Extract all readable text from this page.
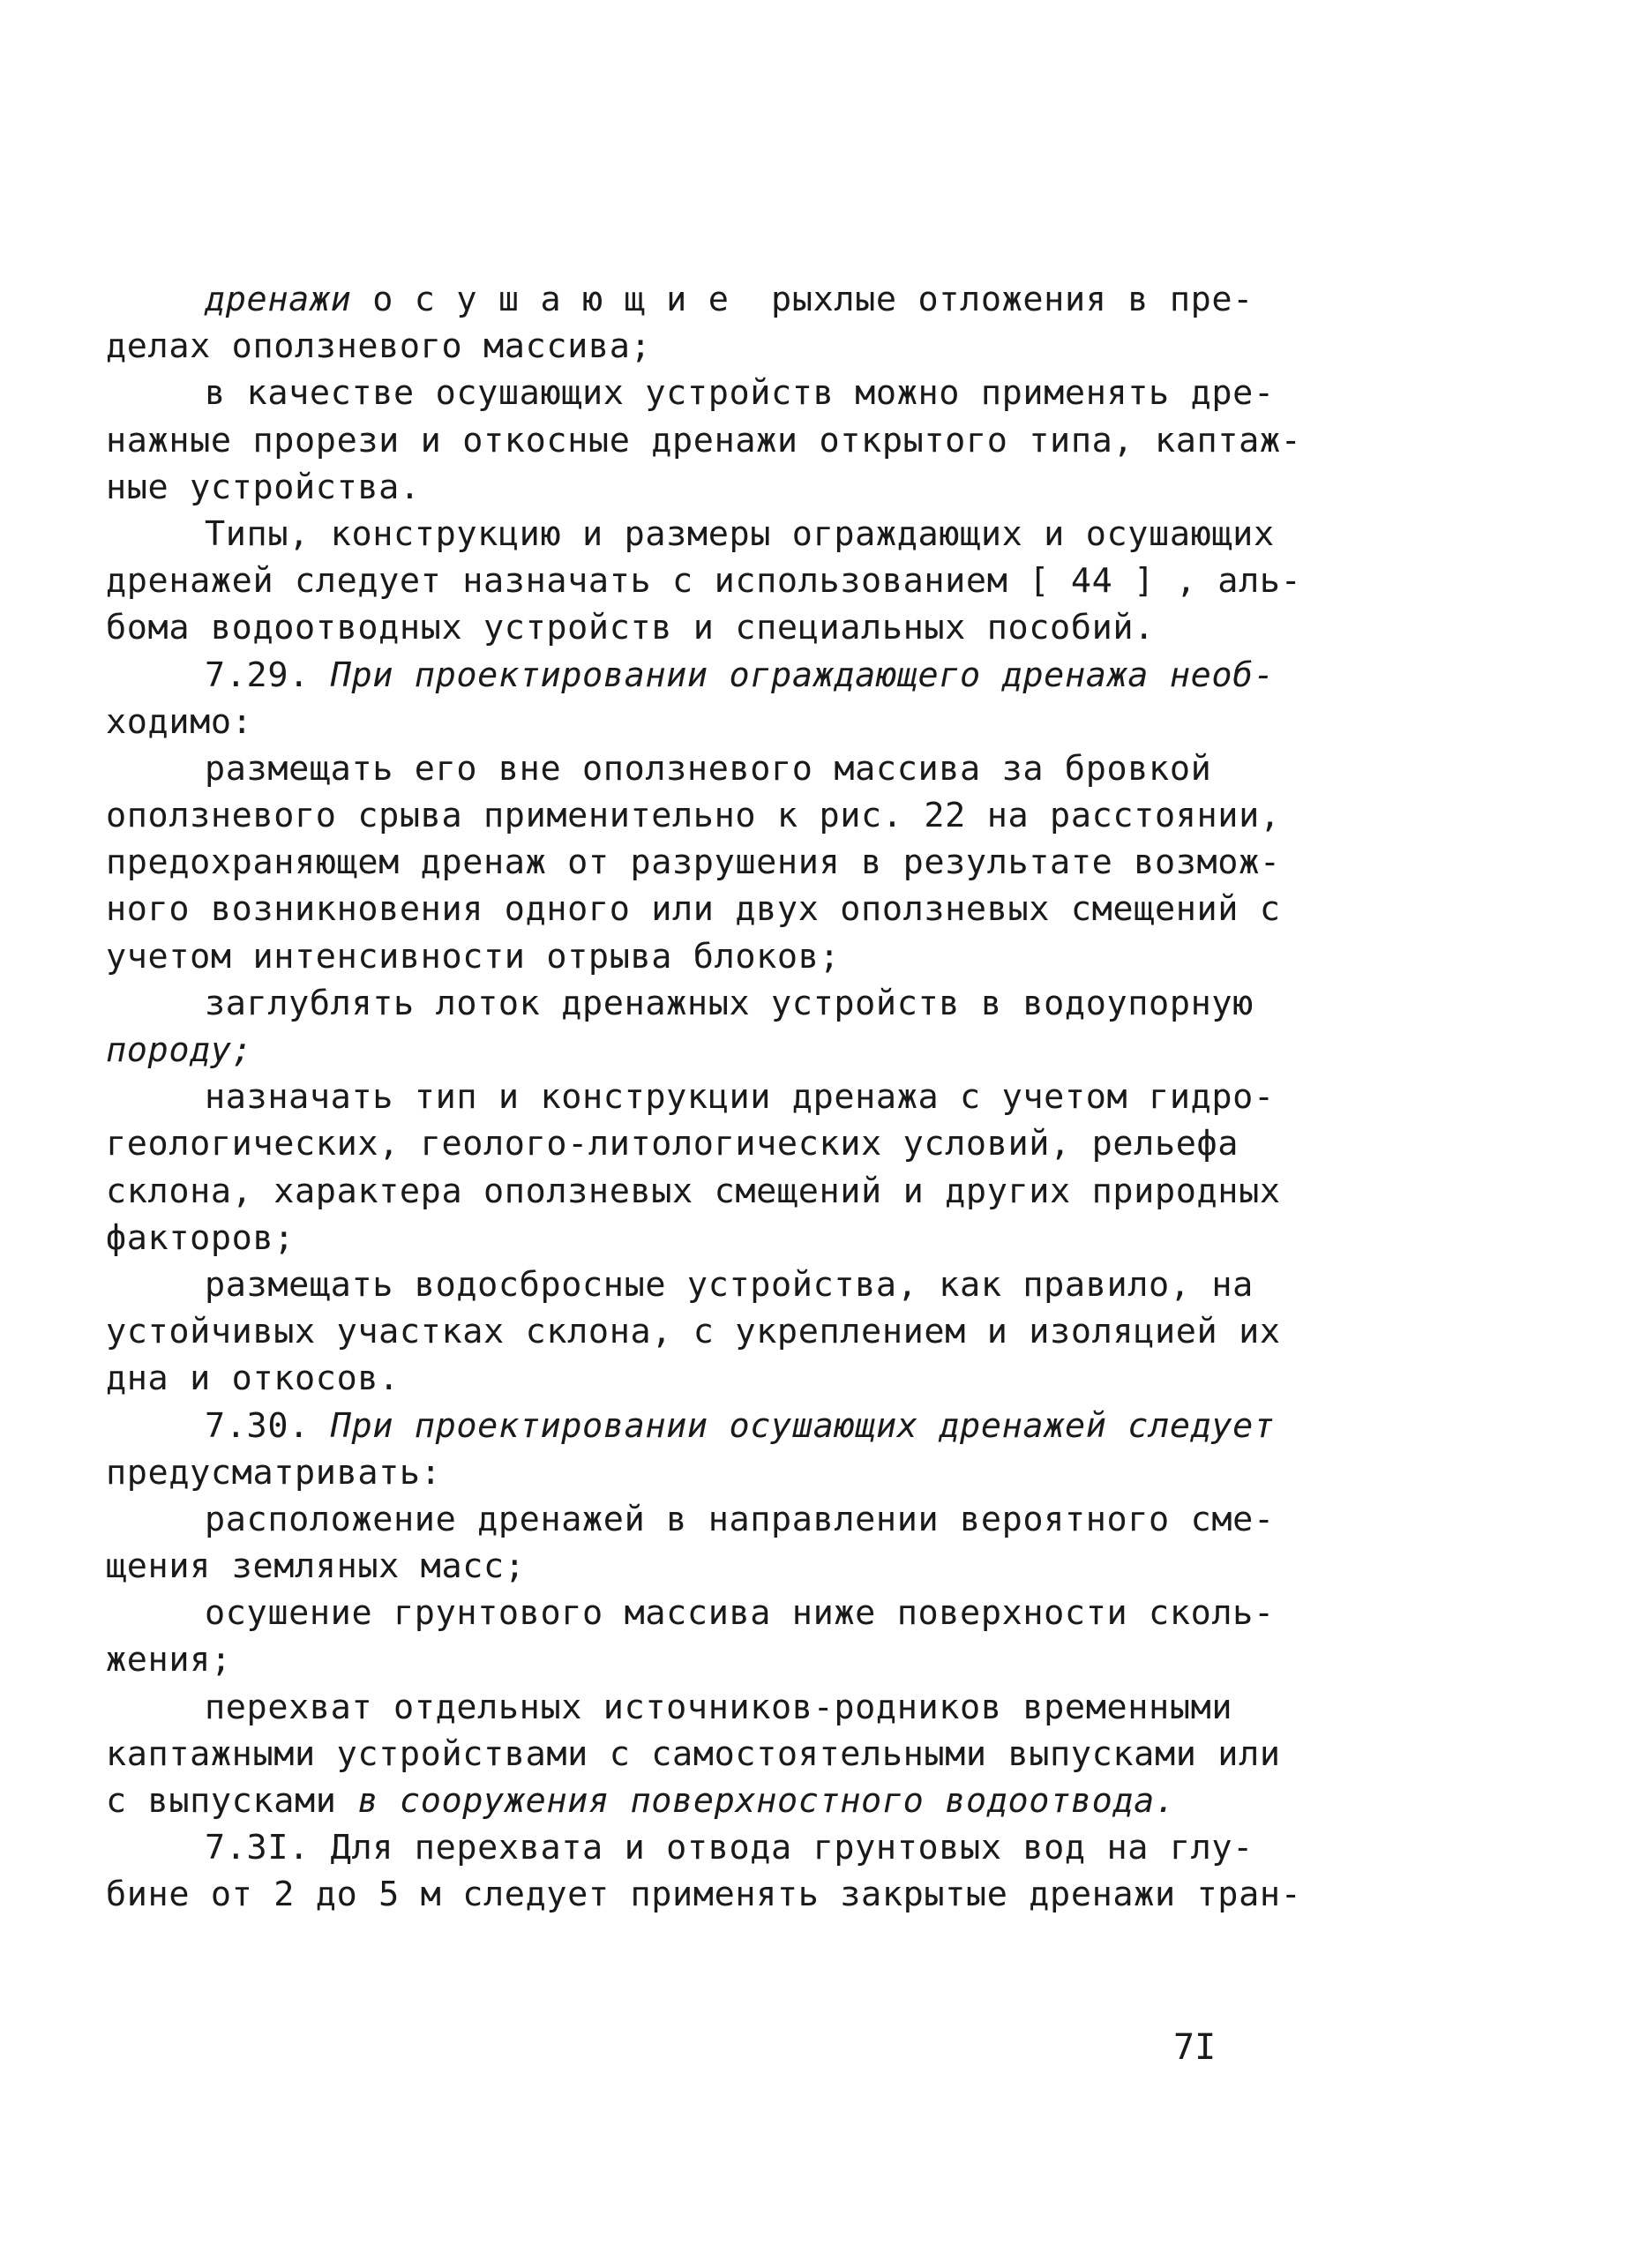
дренажи о с у ш а ю щ и е  рыхлые отложения в пре-
делах оползневого массива;
в качестве осушающих устройств можно применять дре-
нажные прорези и откосные дренажи открытого типа, каптаж-
ные устройства.
Типы, конструкцию и размеры ограждающих и осушающих
дренажей следует назначать с использованием [ 44 ] , аль-
бома водоотводных устройств и специальных пособий.
7.29. При проектировании ограждающего дренажа необ-
ходимо:
размещать его вне оползневого массива за бровкой
оползневого срыва применительно к рис. 22 на расстоянии,
предохраняющем дренаж от разрушения в результате возмож-
ного возникновения одного или двух оползневых смещений с
учетом интенсивности отрыва блоков;
заглублять лоток дренажных устройств в водоупорную
породу;
назначать тип и конструкции дренажа с учетом гидро-
геологических, геолого-литологических условий, рельефа
склона, характера оползневых смещений и других природных
факторов;
размещать водосбросные устройства, как правило, на
устойчивых участках склона, с укреплением и изоляцией их
дна и откосов.
7.30. При проектировании осушающих дренажей следует
предусматривать:
расположение дренажей в направлении вероятного сме-
щения земляных масс;
осушение грунтового массива ниже поверхности сколь-
жения;
перехват отдельных источников-родников временными
каптажными устройствами с самостоятельными выпусками или
с выпусками в сооружения поверхностного водоотвода.
7.3I. Для перехвата и отвода грунтовых вод на глу-
бине от 2 до 5 м следует применять закрытые дренажи тран-
7I
